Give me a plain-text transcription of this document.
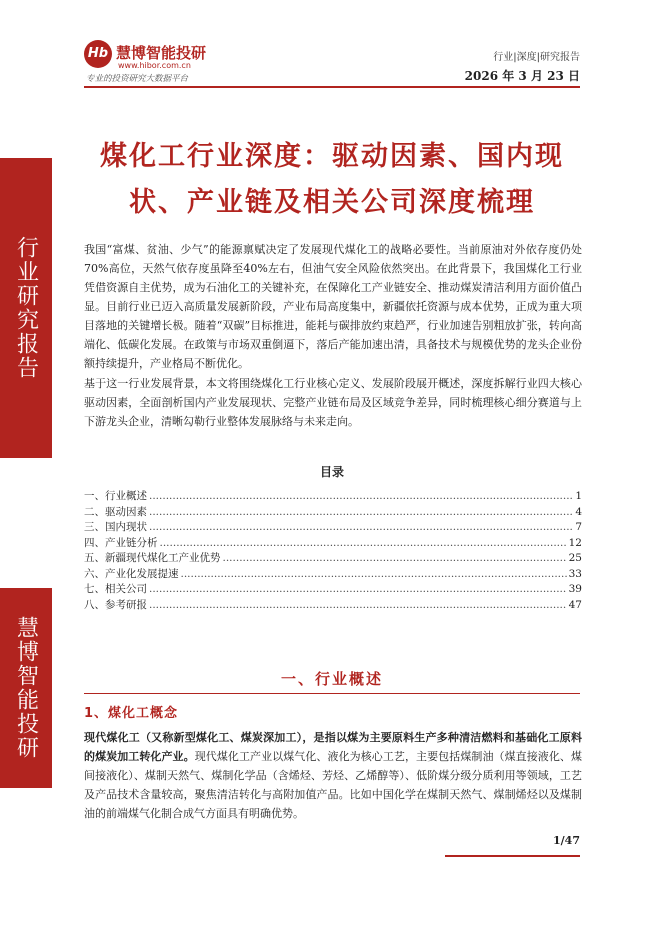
行业研究报告
慧博智能投研
Hb 慧博智能投研
www.hibor.com.cn
专业的投资研究大数据平台
行业|深度|研究报告
2026 年 3 月 23 日
煤化工行业深度：驱动因素、国内现状、产业链及相关公司深度梳理
我国“富煤、贫油、少气”的能源禀赋决定了发展现代煤化工的战略必要性。当前原油对外依存度仍处70%高位，天然气依存度虽降至40%左右，但油气安全风险依然突出。在此背景下，我国煤化工行业凭借资源自主优势，成为石油化工的关键补充，在保障化工产业链安全、推动煤炭清洁利用方面价值凸显。目前行业已迈入高质量发展新阶段，产业布局高度集中，新疆依托资源与成本优势，正成为重大项目落地的关键增长极。随着“双碳”目标推进，能耗与碳排放约束趋严，行业加速告别粗放扩张，转向高端化、低碳化发展。在政策与市场双重倒逼下，落后产能加速出清，具备技术与规模优势的龙头企业份额持续提升，产业格局不断优化。
基于这一行业发展背景，本文将围绕煤化工行业核心定义、发展阶段展开概述，深度拆解行业四大核心驱动因素，全面剖析国内产业发展现状、完整产业链布局及区域竞争差异，同时梳理核心细分赛道与上下游龙头企业，清晰勾勒行业整体发展脉络与未来走向。
目录
一、行业概述 .....	1
二、驱动因素 .....	4
三、国内现状 .....	7
四、产业链分析 .....	12
五、新疆现代煤化工产业优势 .....	25
六、产业化发展提速 .....	33
七、相关公司 .....	39
八、参考研报 .....	47
一、行业概述
1、煤化工概念
现代煤化工（又称新型煤化工、煤炭深加工），是指以煤为主要原料生产多种清洁燃料和基础化工原料的煤炭加工转化产业。现代煤化工产业以煤气化、液化为核心工艺，主要包括煤制油（煤直接液化、煤间接液化）、煤制天然气、煤制化学品（含烯烃、芳烃、乙烯醇等）、低阶煤分级分质利用等领域，工艺及产品技术含量较高，聚焦清洁转化与高附加值产品。比如中国化学在煤制天然气、煤制烯烃以及煤制油的前端煤气化制合成气方面具有明确优势。
1/47
